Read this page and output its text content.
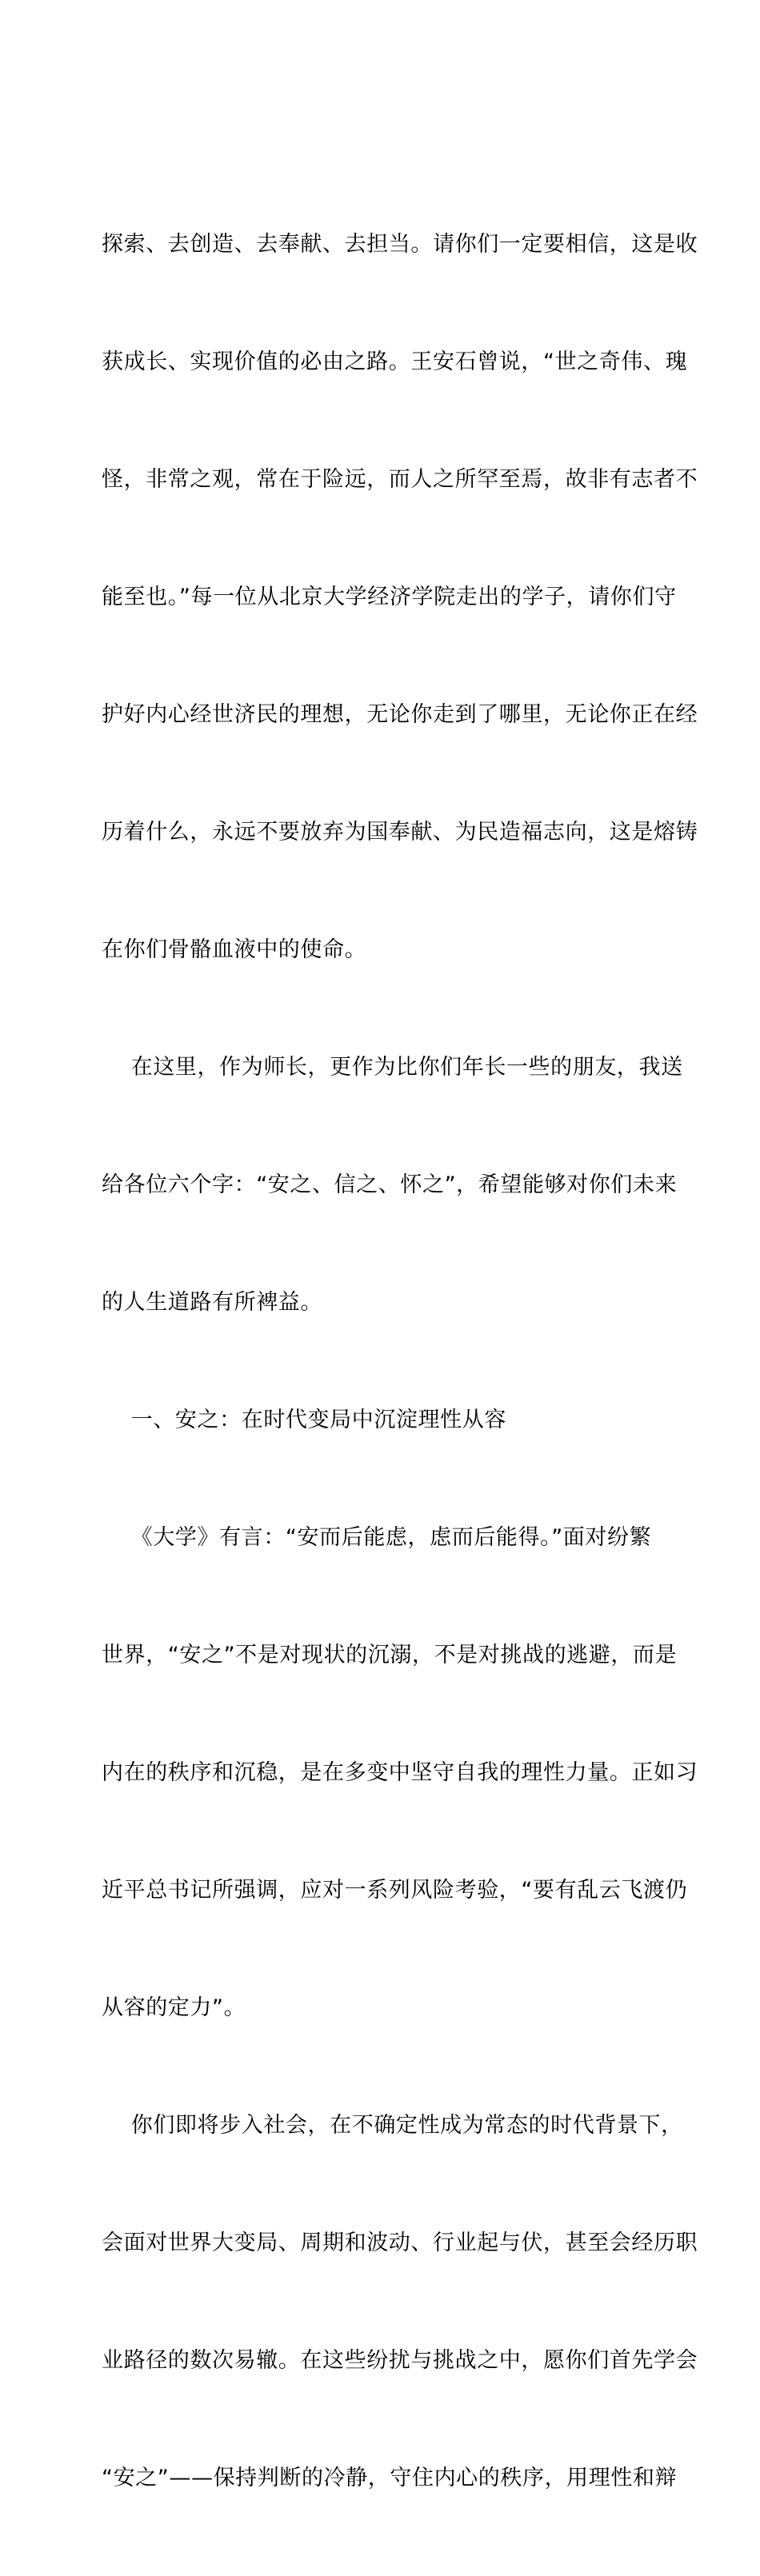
探索、去创造、去奉献、去担当。请你们一定要相信，这是收

获成长、实现价值的必由之路。王安石曾说，“世之奇伟、瑰

怪，非常之观，常在于险远，而人之所罕至焉，故非有志者不

能至也。”每一位从北京大学经济学院走出的学子，请你们守

护好内心经世济民的理想，无论你走到了哪里，无论你正在经

历着什么，永远不要放弃为国奉献、为民造福志向，这是熔铸

在你们骨骼血液中的使命。

在这里，作为师长，更作为比你们年长一些的朋友，我送

给各位六个字：“安之、信之、怀之”，希望能够对你们未来

的人生道路有所裨益。

一、安之：在时代变局中沉淀理性从容

《大学》有言：“安而后能虑，虑而后能得。”面对纷繁

世界，“安之”不是对现状的沉溺，不是对挑战的逃避，而是

内在的秩序和沉稳，是在多变中坚守自我的理性力量。正如习

近平总书记所强调，应对一系列风险考验，“要有乱云飞渡仍

从容的定力”。

你们即将步入社会，在不确定性成为常态的时代背景下，

会面对世界大变局、周期和波动、行业起与伏，甚至会经历职

业路径的数次易辙。在这些纷扰与挑战之中，愿你们首先学会

“安之”——保持判断的冷静，守住内心的秩序，用理性和辩
